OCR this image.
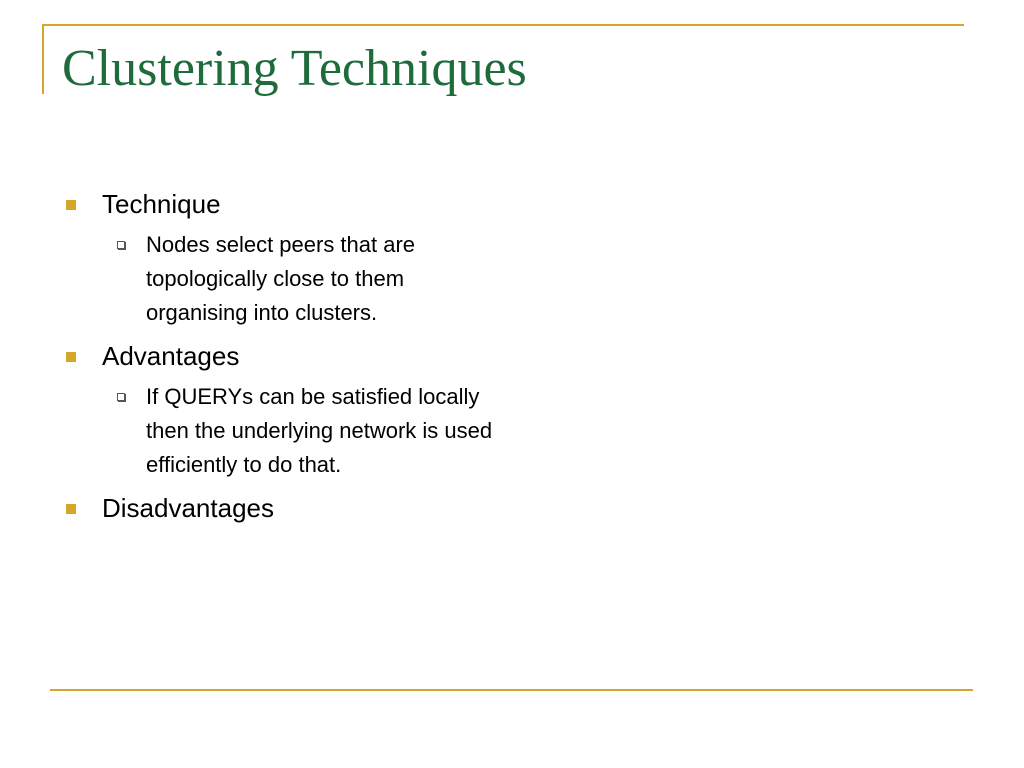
Clustering Techniques
Technique
Nodes select peers that are topologically close to them organising into clusters.
Advantages
If QUERYs can be satisfied locally then the underlying network is used efficiently to do that.
Disadvantages
